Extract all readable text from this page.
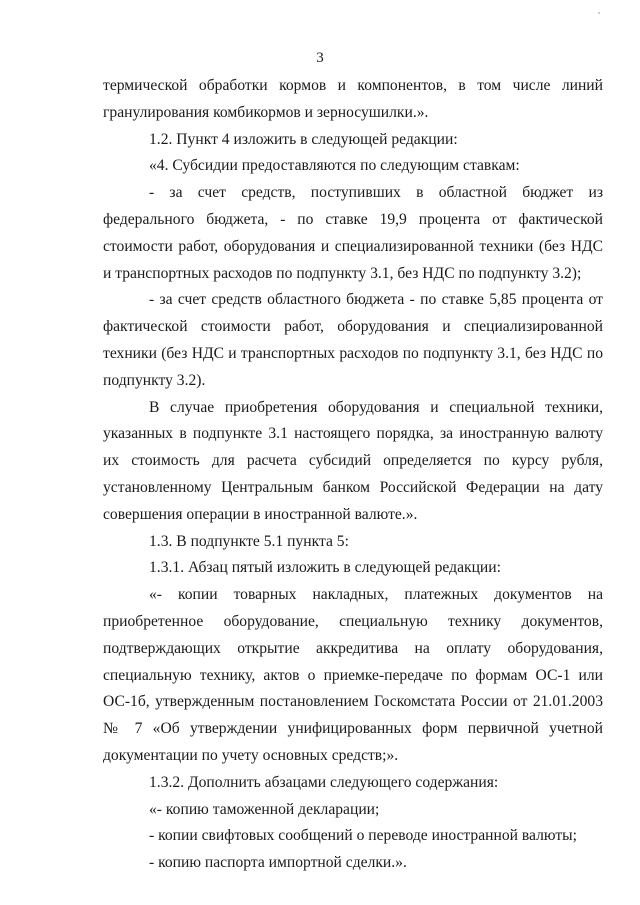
3

термической обработки кормов и компонентов, в том числе линий гранулирования комбикормов и зерносушилки.».

1.2. Пункт 4 изложить в следующей редакции:

«4. Субсидии предоставляются по следующим ставкам:

- за счет средств, поступивших в областной бюджет из федерального бюджета, - по ставке 19,9 процента от фактической стоимости работ, оборудования и специализированной техники (без НДС и транспортных расходов по подпункту 3.1, без НДС по подпункту 3.2);

- за счет средств областного бюджета - по ставке 5,85 процента от фактической стоимости работ, оборудования и специализированной техники (без НДС и транспортных расходов по подпункту 3.1, без НДС по подпункту 3.2).

В случае приобретения оборудования и специальной техники, указанных в подпункте 3.1 настоящего порядка, за иностранную валюту их стоимость для расчета субсидий определяется по курсу рубля, установленному Центральным банком Российской Федерации на дату совершения операции в иностранной валюте.».

1.3. В подпункте 5.1 пункта 5:

1.3.1. Абзац пятый изложить в следующей редакции:

«- копии товарных накладных, платежных документов на приобретенное оборудование, специальную технику документов, подтверждающих открытие аккредитива на оплату оборудования, специальную технику, актов о приемке-передаче по формам ОС-1 или ОС-1б, утвержденным постановлением Госкомстата России от 21.01.2003 № 7 «Об утверждении унифицированных форм первичной учетной документации по учету основных средств;».

1.3.2. Дополнить абзацами следующего содержания:

«- копию таможенной декларации;

- копии свифтовых сообщений о переводе иностранной валюты;

- копию паспорта импортной сделки.».
